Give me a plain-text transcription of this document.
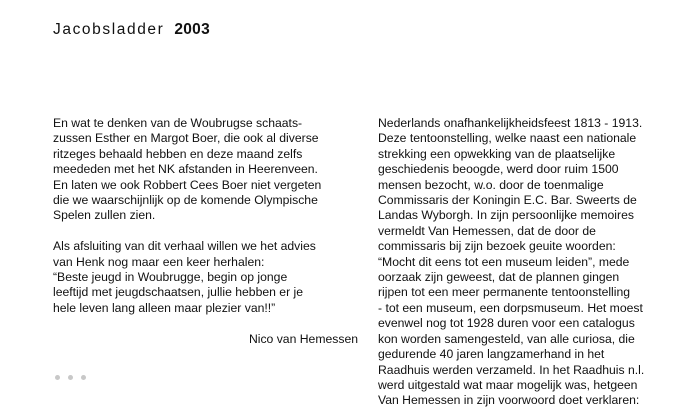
Jacobsladder 2003
En wat te denken van de Woubrugse schaats-
zussen Esther en Margot Boer, die ook al diverse
ritzeges behaald hebben en deze maand zelfs
meededen met het NK afstanden in Heerenveen.
En laten we ook Robbert Cees Boer niet vergeten
die we waarschijnlijk op de komende Olympische
Spelen zullen zien.
Als afsluiting van dit verhaal willen we het advies
van Henk nog maar een keer herhalen:
“Beste jeugd in Woubrugge, begin op jonge
leeftijd met jeugdschaatsen, jullie hebben er je
hele leven lang alleen maar plezier van!!”
Nico van Hemessen
Nederlands onafhankelijkheidsfeest 1813 - 1913.
Deze tentoonstelling, welke naast een nationale
strekking een opwekking van de plaatselijke
geschiedenis beoogde, werd door ruim 1500
mensen bezocht, w.o. door de toenmalige
Commissaris der Koningin E.C. Bar. Sweerts de
Landas Wyborgh. In zijn persoonlijke memoires
vermeldt Van Hemessen, dat de door de
commissaris bij zijn bezoek geuite woorden:
“Mocht dit eens tot een museum leiden”, mede
oorzaak zijn geweest, dat de plannen gingen
rijpen tot een meer permanente tentoonstelling
- tot een museum, een dorpsmuseum. Het moest
evenwel nog tot 1928 duren voor een catalogus
kon worden samengesteld, van alle curiosa, die
gedurende 40 jaren langzamerhand in het
Raadhuis werden verzameld. In het Raadhuis n.l.
werd uitgestald wat maar mogelijk was, hetgeen
Van Hemessen in zijn voorwoord doet verklaren:
